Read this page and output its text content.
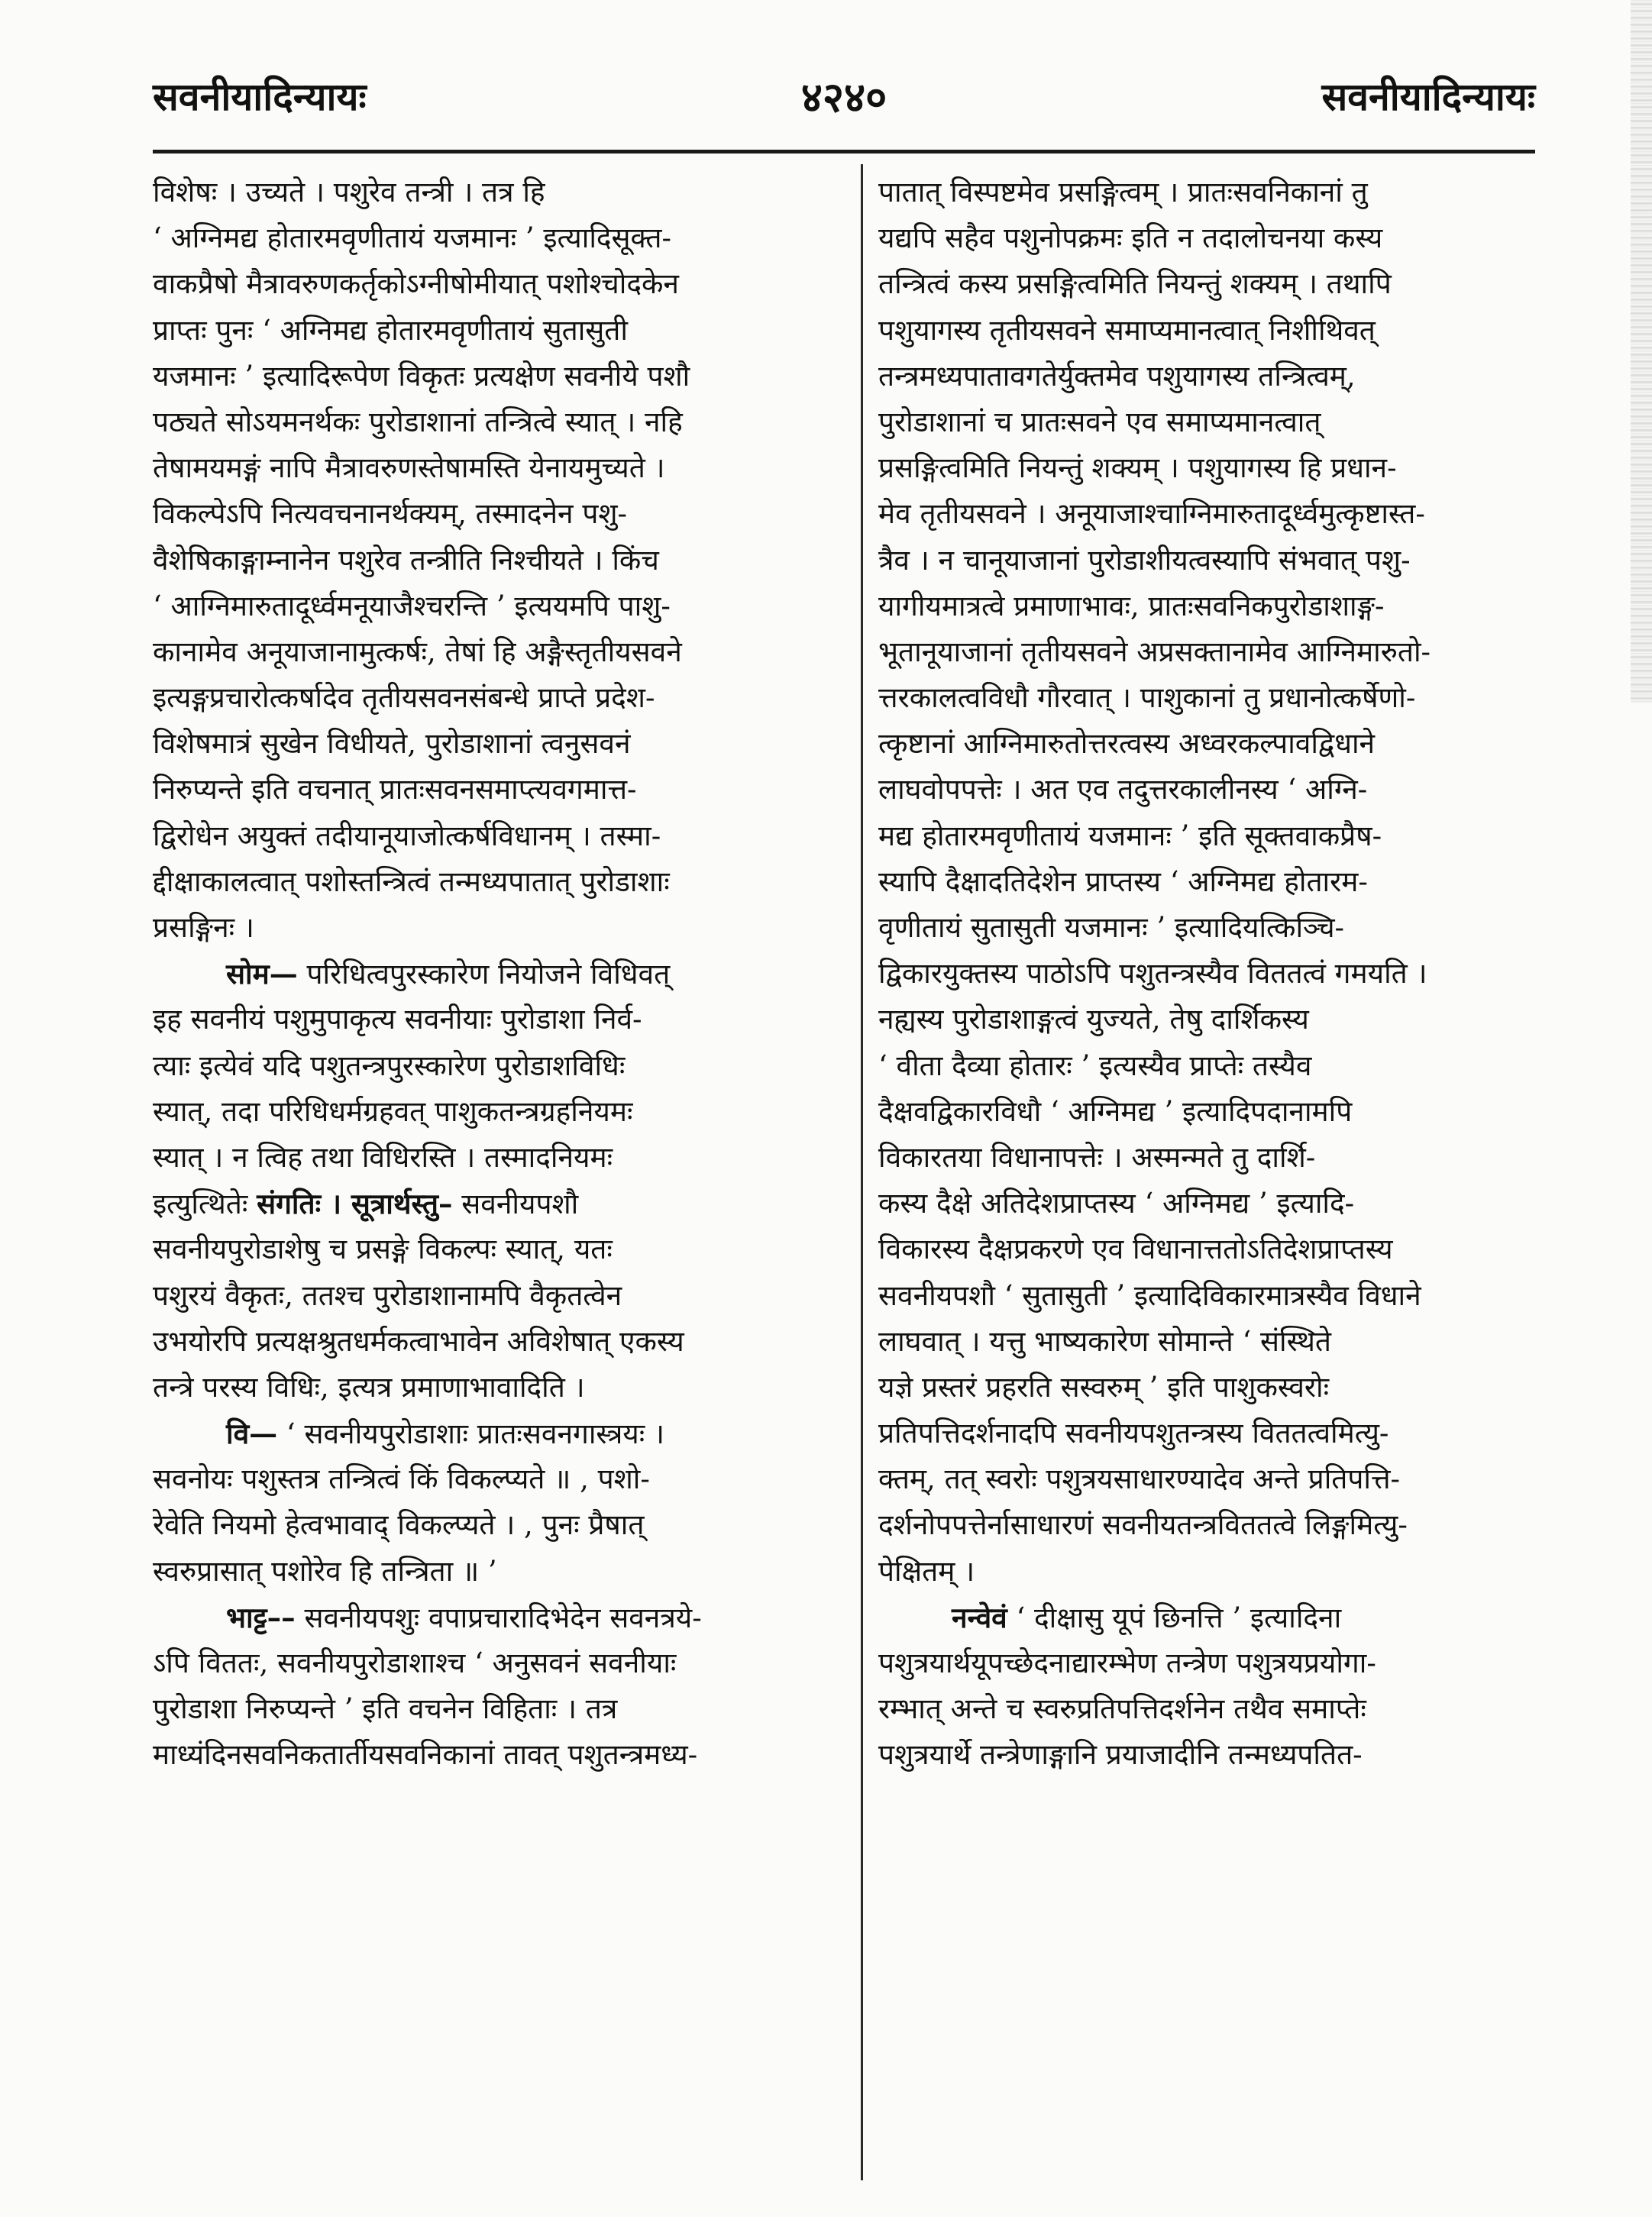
सवनीयादिन्यायः	४२४०	सवनीयादिन्यायः
विशेषः । उच्यते । पशुरेव तन्त्री । तत्र हि
‘ अग्निमद्य होतारमवृणीतायं यजमानः ’ इत्यादिसूक्त-
वाकप्रैषो मैत्रावरुणकर्तृकोऽग्नीषोमीयात् पशोश्चोदकेन
प्राप्तः पुनः ‘ अग्निमद्य होतारमवृणीतायं सुतासुती
यजमानः ’ इत्यादिरूपेण विकृतः प्रत्यक्षेण सवनीये पशौ
पठ्यते सोऽयमनर्थकः पुरोडाशानां तन्त्रित्वे स्यात् । नहि
तेषामयमङ्गं नापि मैत्रावरुणस्तेषामस्ति येनायमुच्यते ।
विकल्पेऽपि नित्यवचनानर्थक्यम्, तस्मादनेन पशु-
वैशेषिकाङ्गाम्नानेन पशुरेव तन्त्रीति निश्चीयते । किंच
‘ आग्निमारुतादूर्ध्वमनूयाजैश्चरन्ति ’ इत्ययमपि पाशु-
कानामेव अनूयाजानामुत्कर्षः, तेषां हि अङ्गैस्तृतीयसवने
इत्यङ्गप्रचारोत्कर्षादेव तृतीयसवनसंबन्धे प्राप्ते प्रदेश-
विशेषमात्रं सुखेन विधीयते, पुरोडाशानां त्वनुसवनं
निरुप्यन्ते इति वचनात् प्रातःसवनसमाप्त्यवगमात्त-
द्विरोधेन अयुक्तं तदीयानूयाजोत्कर्षविधानम् । तस्मा-
द्दीक्षाकालत्वात् पशोस्तन्त्रित्वं तन्मध्यपातात् पुरोडाशाः
प्रसङ्गिनः ।
सोम— परिधित्वपुरस्कारेण नियोजने विधिवत्
इह सवनीयं पशुमुपाकृत्य सवनीयाः पुरोडाशा निर्व-
त्याः इत्येवं यदि पशुतन्त्रपुरस्कारेण पुरोडाशविधिः
स्यात्, तदा परिधिधर्मग्रहवत् पाशुकतन्त्रग्रहनियमः
स्यात् । न त्विह तथा विधिरस्ति । तस्मादनियमः
इत्युत्थितेः संगतिः । सूत्रार्थस्तु– सवनीयपशौ
सवनीयपुरोडाशेषु च प्रसङ्गे विकल्पः स्यात्, यतः
पशुरयं वैकृतः, ततश्च पुरोडाशानामपि वैकृतत्वेन
उभयोरपि प्रत्यक्षश्रुतधर्मकत्वाभावेन अविशेषात् एकस्य
तन्त्रे परस्य विधिः, इत्यत्र प्रमाणाभावादिति ।
वि— ‘ सवनीयपुरोडाशाः प्रातःसवनगास्त्रयः ।
सवनोयः पशुस्तत्र तन्त्रित्वं किं विकल्प्यते ॥ , पशो-
रेवेति नियमो हेत्वभावाद् विकल्प्यते । , पुनः प्रैषात्
स्वरुप्रासात् पशोरेव हि तन्त्रिता ॥ ’
भाट्ट–– सवनीयपशुः वपाप्रचारादिभेदेन सवनत्रये-
ऽपि विततः, सवनीयपुरोडाशाश्च ‘ अनुसवनं सवनीयाः
पुरोडाशा निरुप्यन्ते ’ इति वचनेन विहिताः । तत्र
माध्यंदिनसवनिकतार्तीयसवनिकानां तावत् पशुतन्त्रमध्य-
पातात् विस्पष्टमेव प्रसङ्गित्वम् । प्रातःसवनिकानां तु
यद्यपि सहैव पशुनोपक्रमः इति न तदालोचनया कस्य
तन्त्रित्वं कस्य प्रसङ्गित्वमिति नियन्तुं शक्यम् । तथापि
पशुयागस्य तृतीयसवने समाप्यमानत्वात् निशीथिवत्
तन्त्रमध्यपातावगतेर्युक्तमेव पशुयागस्य तन्त्रित्वम्,
पुरोडाशानां च प्रातःसवने एव समाप्यमानत्वात्
प्रसङ्गित्वमिति नियन्तुं शक्यम् । पशुयागस्य हि प्रधान-
मेव तृतीयसवने । अनूयाजाश्चाग्निमारुतादूर्ध्वमुत्कृष्टास्त-
त्रैव । न चानूयाजानां पुरोडाशीयत्वस्यापि संभवात् पशु-
यागीयमात्रत्वे प्रमाणाभावः, प्रातःसवनिकपुरोडाशाङ्ग-
भूतानूयाजानां तृतीयसवने अप्रसक्तानामेव आग्निमारुतो-
त्तरकालत्वविधौ गौरवात् । पाशुकानां तु प्रधानोत्कर्षेणो-
त्कृष्टानां आग्निमारुतोत्तरत्वस्य अध्वरकल्पावद्विधाने
लाघवोपपत्तेः । अत एव तदुत्तरकालीनस्य ‘ अग्नि-
मद्य होतारमवृणीतायं यजमानः ’ इति सूक्तवाकप्रैष-
स्यापि दैक्षादतिदेशेन प्राप्तस्य ‘ अग्निमद्य होतारम-
वृणीतायं सुतासुती यजमानः ’ इत्यादियत्किञ्चि-
द्विकारयुक्तस्य पाठोऽपि पशुतन्त्रस्यैव विततत्वं गमयति ।
नह्यस्य पुरोडाशाङ्गत्वं युज्यते, तेषु दार्शिकस्य
‘ वीता दैव्या होतारः ’ इत्यस्यैव प्राप्तेः तस्यैव
दैक्षवद्विकारविधौ ‘ अग्निमद्य ’ इत्यादिपदानामपि
विकारतया विधानापत्तेः । अस्मन्मते तु दार्शि-
कस्य दैक्षे अतिदेशप्राप्तस्य ‘ अग्निमद्य ’ इत्यादि-
विकारस्य दैक्षप्रकरणे एव विधानात्ततोऽतिदेशप्राप्तस्य
सवनीयपशौ ‘ सुतासुती ’ इत्यादिविकारमात्रस्यैव विधाने
लाघवात् । यत्तु भाष्यकारेण सोमान्ते ‘ संस्थिते
यज्ञे प्रस्तरं प्रहरति सस्वरुम् ’ इति पाशुकस्वरोः
प्रतिपत्तिदर्शनादपि सवनीयपशुतन्त्रस्य विततत्वमित्यु-
क्तम्, तत् स्वरोः पशुत्रयसाधारण्यादेव अन्ते प्रतिपत्ति-
दर्शनोपपत्तेर्नासाधारणं सवनीयतन्त्रविततत्वे लिङ्गमित्यु-
पेक्षितम् ।
नन्वेवं ‘ दीक्षासु यूपं छिनत्ति ’ इत्यादिना
पशुत्रयार्थयूपच्छेदनाद्यारम्भेण तन्त्रेण पशुत्रयप्रयोगा-
रम्भात् अन्ते च स्वरुप्रतिपत्तिदर्शनेन तथैव समाप्तेः
पशुत्रयार्थे तन्त्रेणाङ्गानि प्रयाजादीनि तन्मध्यपतित-
